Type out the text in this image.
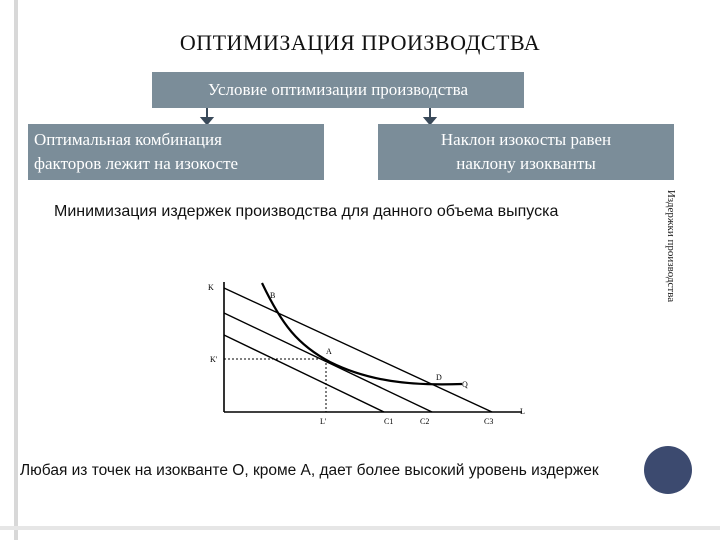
ОПТИМИЗАЦИЯ ПРОИЗВОДСТВА
Условие оптимизации производства
Оптимальная комбинация
факторов лежит на изокосте
Наклон изокосты равен
наклону изокванты
Минимизация издержек производства для данного объема выпуска	Издержки производства
K
L
K'
L'
A
B
D
Q
C1	C2	C3
Любая из точек на изокванте О, кроме А, дает более высокий уровень издержек
